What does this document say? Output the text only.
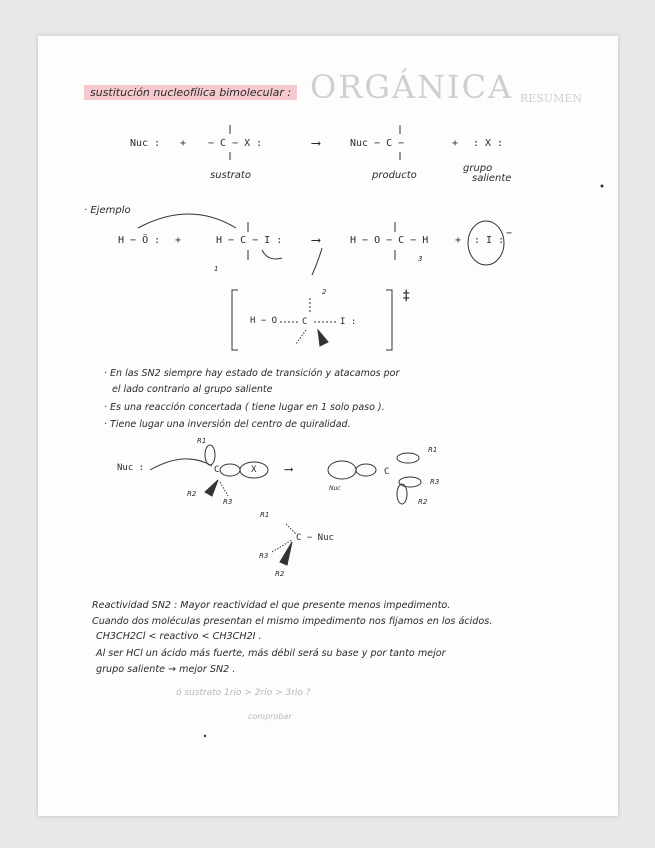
ORGÁNICA RESUMEN
sustitución nucleofílica bimolecular :
Nuc : + − C − X :	⟶	Nuc − C −	+ : X :
sustrato	producto
grupo
saliente
· Ejemplo
H − Ö : +	H − C − I : ⟶	H − O − C − H	+ : I :
−
1
2
3
H − O	C	I :
‡
· En las SN2 siempre hay estado de transición y atacamos por
el lado contrario al grupo saliente
· Es una reacción concertada ( tiene lugar en 1 solo paso ).
· Tiene lugar una inversión del centro de quiralidad.
Nuc :
R1
R2
R3
C	X ⟶
Nuc
C
R1
R3
R2
R1
C − Nuc
R3
R2
Reactividad SN2 : Mayor reactividad el que presente menos impedimento.
Cuando dos moléculas presentan el mismo impedimento nos fijamos en los ácidos.
CH3CH2Cl < reactivo < CH3CH2I .
Al ser HCl un ácido más fuerte, más débil será su base y por tanto mejor
grupo saliente → mejor SN2 .
ó sustrato 1rio > 2rio > 3rio ?
comprobar
